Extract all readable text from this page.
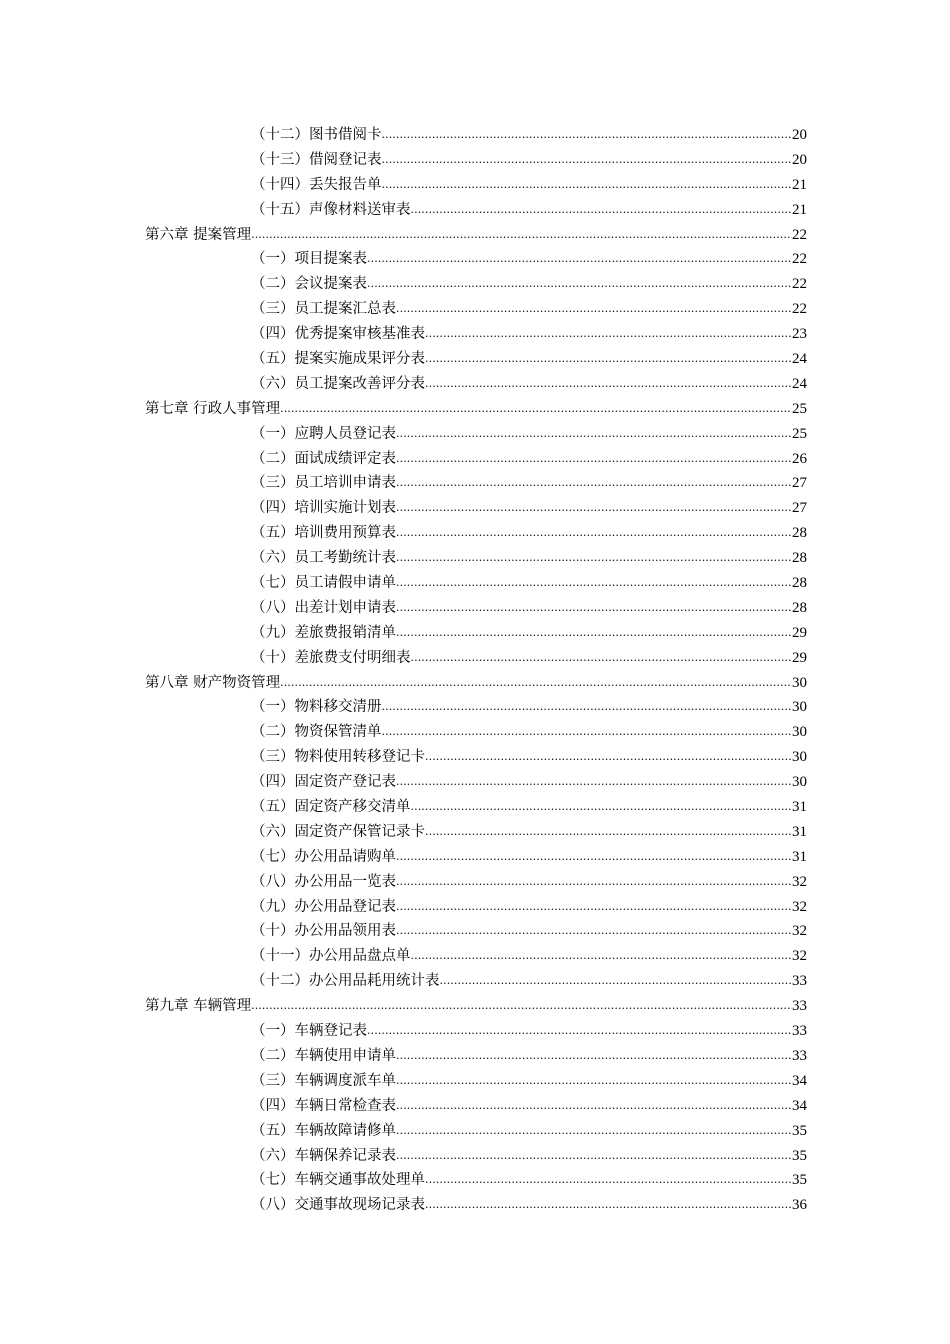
（十二）图书借阅卡 .....	20
（十三）借阅登记表 .....	20
（十四）丢失报告单 .....	21
（十五）声像材料送审表 .....	21
第六章 提案管理 .....	22
（一）项目提案表 .....	22
（二）会议提案表 .....	22
（三）员工提案汇总表 .....	22
（四）优秀提案审核基准表 .....	23
（五）提案实施成果评分表 .....	24
（六）员工提案改善评分表 .....	24
第七章 行政人事管理 .....	25
（一）应聘人员登记表 .....	25
（二）面试成绩评定表 .....	26
（三）员工培训申请表 .....	27
（四）培训实施计划表 .....	27
（五）培训费用预算表 .....	28
（六）员工考勤统计表 .....	28
（七）员工请假申请单 .....	28
（八）出差计划申请表 .....	28
（九）差旅费报销清单 .....	29
（十）差旅费支付明细表 .....	29
第八章 财产物资管理 .....	30
（一）物料移交清册 .....	30
（二）物资保管清单 .....	30
（三）物料使用转移登记卡 .....	30
（四）固定资产登记表 .....	30
（五）固定资产移交清单 .....	31
（六）固定资产保管记录卡 .....	31
（七）办公用品请购单 .....	31
（八）办公用品一览表 .....	32
（九）办公用品登记表 .....	32
（十）办公用品领用表 .....	32
（十一）办公用品盘点单 .....	32
（十二）办公用品耗用统计表 .....	33
第九章 车辆管理 .....	33
（一）车辆登记表 .....	33
（二）车辆使用申请单 .....	33
（三）车辆调度派车单 .....	34
（四）车辆日常检查表 .....	34
（五）车辆故障请修单 .....	35
（六）车辆保养记录表 .....	35
（七）车辆交通事故处理单 .....	35
（八）交通事故现场记录表 .....	36
